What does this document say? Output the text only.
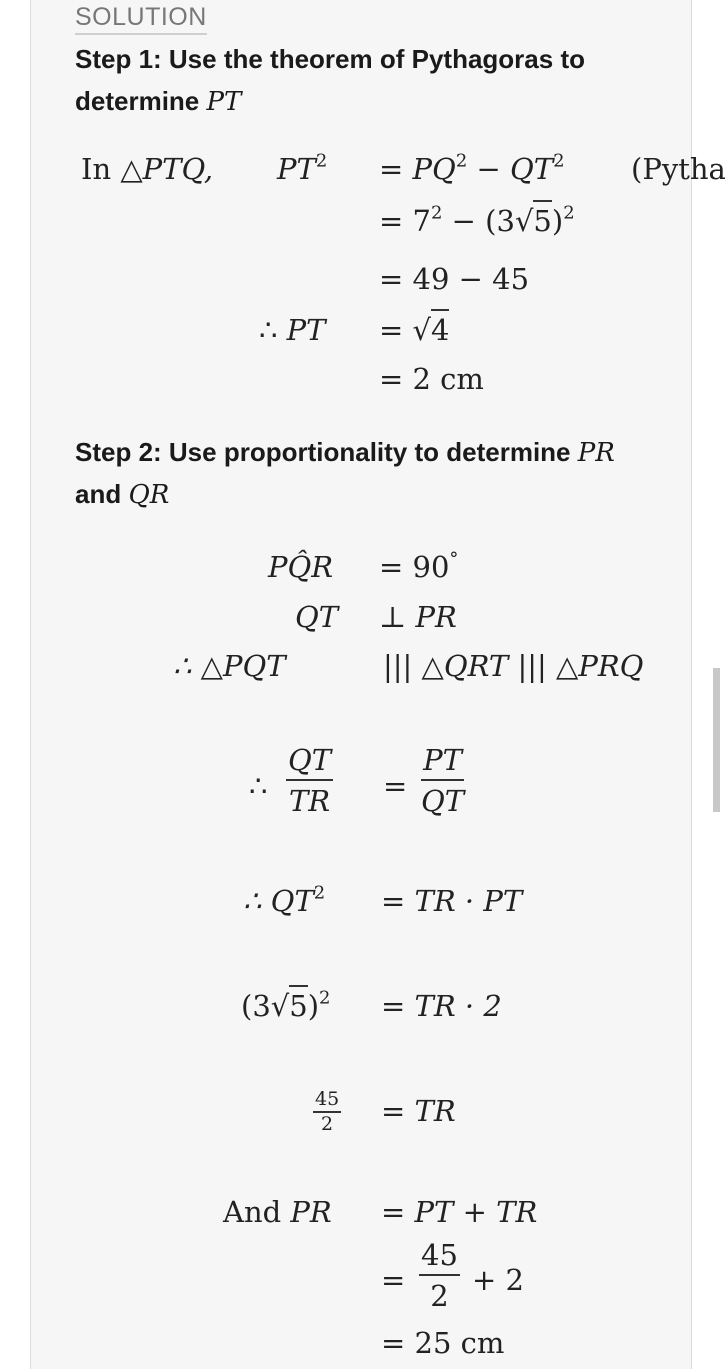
SOLUTION
Step 1: Use the theorem of Pythagoras to
determine PT
In △PTQ, $PT^2 = PQ^2 - QT^2$ (Pytha
= $7^2 - (3√5)^2$
= 49 − 45
∴ PT = √4
= 2 cm
Step 2: Use proportionality to determine PR
and QR
PQ̂R = 90°
QT ⊥ PR
∴ △PQT	||| △QRT ||| △PRQ
∴ $\frac{QT}{TR} = \frac{PT}{QT}$
∴ $QT^2$ = TR · PT
$(3√5)^2$ = TR · 2
$\frac{45}{2}$ = TR
And PR = PT + TR
= $\frac{45}{2} + 2$
= 25 cm
